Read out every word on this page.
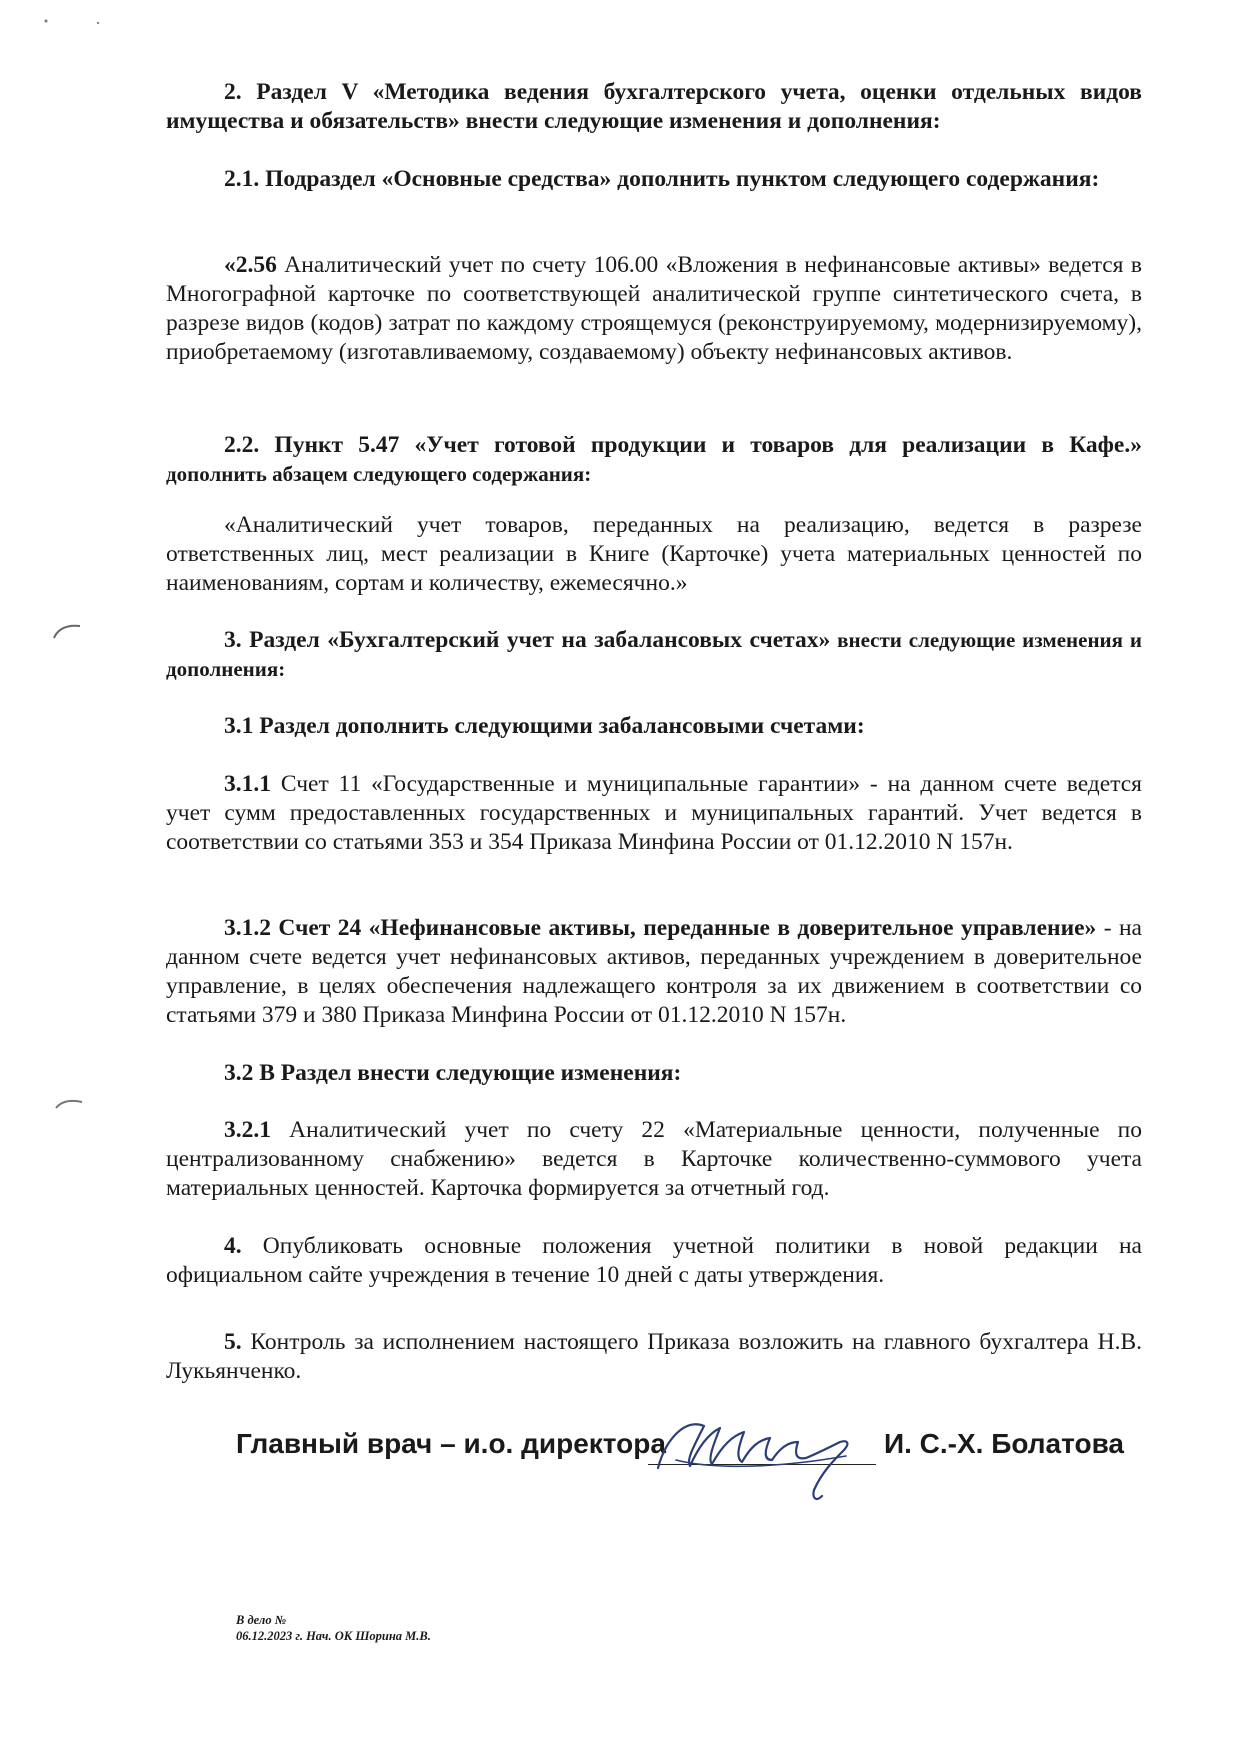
2. Раздел V «Методика ведения бухгалтерского учета, оценки отдельных видов имущества и обязательств» внести следующие изменения и дополнения:

2.1. Подраздел «Основные средства» дополнить пунктом следующего содержания:

«2.56 Аналитический учет по счету 106.00 «Вложения в нефинансовые активы» ведется в Многографной карточке по соответствующей аналитической группе синтетического счета, в разрезе видов (кодов) затрат по каждому строящемуся (реконструируемому, модернизируемому), приобретаемому (изготавливаемому, создаваемому) объекту нефинансовых активов.

2.2. Пункт 5.47 «Учет готовой продукции и товаров для реализации в Кафе.» дополнить абзацем следующего содержания:

«Аналитический учет товаров, переданных на реализацию, ведется в разрезе ответственных лиц, мест реализации в Книге (Карточке) учета материальных ценностей по наименованиям, сортам и количеству, ежемесячно.»

3. Раздел «Бухгалтерский учет на забалансовых счетах» внести следующие изменения и дополнения:

3.1 Раздел дополнить следующими забалансовыми счетами:

3.1.1 Счет 11 «Государственные и муниципальные гарантии» - на данном счете ведется учет сумм предоставленных государственных и муниципальных гарантий. Учет ведется в соответствии со статьями 353 и 354 Приказа Минфина России от 01.12.2010 N 157н.

3.1.2 Счет 24 «Нефинансовые активы, переданные в доверительное управление» - на данном счете ведется учет нефинансовых активов, переданных учреждением в доверительное управление, в целях обеспечения надлежащего контроля за их движением в соответствии со статьями 379 и 380 Приказа Минфина России от 01.12.2010 N 157н.

3.2 В Раздел внести следующие изменения:

3.2.1 Аналитический учет по счету 22 «Материальные ценности, полученные по централизованному снабжению» ведется в Карточке количественно-суммового учета материальных ценностей. Карточка формируется за отчетный год.

4. Опубликовать основные положения учетной политики в новой редакции на официальном сайте учреждения в течение 10 дней с даты утверждения.

5. Контроль за исполнением настоящего Приказа возложить на главного бухгалтера Н.В. Лукьянченко.

Главный врач – и.о. директора	И. С.-Х. Болатова
В дело №
06.12.2023 г. Нач. ОК Шорина М.В.
